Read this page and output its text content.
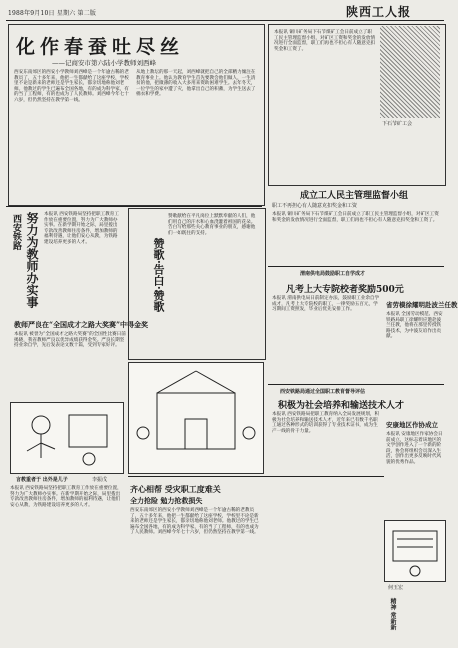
1988年9月10日 星期六 第二版	陕西工人报
化作春蚕吐尽丝
——记商安市第六陆小学教师刘西峰
西安东南郊区的西安小学教师刘西峰是一个年逾古稀的老教员了，五十多年来，他把一生都献给了这座学校，学校里不论是新来的老师还是学生家长，都亲切地称他刘老师。他教过的学生已遍布全国各地，有的成为科学家，有的当了工程师，有的也成为了人民教师。刘西峰今年七十六岁，但仍然坚持在教学第一线。
从地上教坛的那一天起，刘西峰就把自己的全部精力倾注在教育事业上。他认为教育学生首先要教会他们做人，一生清贫的他，把微薄的收入大多用来资助困难学生。去年冬天，一位学生的家中遭了灾，他拿出自己的积蓄，为学生送去了棉衣和学费。
西安铁路 努力为教师办实事	本报讯 西安铁路局坚持把职工教育工作放在重要位置，努力为广大教师办实事。在新学期开始之际，局里拨出专款改善教师住房条件，增加教师的福利待遇，让他们安心从教，为铁路建设培养更多的人才。
教师严良在“全国成才之路大奖赛”中得金奖
本报讯 被誉为“全国成才之路大奖赛”的全国性比赛日前揭晓，我省教师严良以优异成绩获得金奖。严良长期坚持业余自学，先后发表论文数十篇，受到专家好评。
赞歌·告白·赞歌
赞歌献给在平凡岗位上默默奉献的人们，他们用自己的汗水和心血浇灌着祖国的花朵。告白写给那些关心教育事业的朋友，感谢他们一如既往的支持。
言教重者于 出外是儿子	李振戊
齐心相帮 受灾职工度难关
全力抢险 勉力抢救损失
下石节矿工会
本报讯 铜川矿务局下石节煤矿工会日前成立了职工民主管理监督小组，对矿区工资和奖金的发放情况进行全面监督，职工们再也不担心有人随意克扣奖金和工资了。
成立工人民主管理监督小组
职工不再担心有人随意克扣奖金和工资
本报讯 铜川矿务局下石节煤矿工会日前成立了职工民主管理监督小组，对矿区工资和奖金的发放情况进行全面监督，职工们再也不担心有人随意克扣奖金和工资了。
渭南供电局鼓励职工自学成才
凡考上大专院校者奖励500元
本报讯 渭南供电局日前制定办法，鼓励职工业余自学成才，凡考上大专院校的职工，一律奖励五百元，学习期间工资照发，毕业后优先安排工作。
省劳模徐耀明赴波兰任教
本报讯 全国劳动模范、西安铁路局职工徐耀明应邀赴波兰任教，他将在那里传授铁路技术，为中波友谊作出贡献。
西安铁路局通过全国职工教育督导评估
积极为社会培养和输送技术人才
本报讯 西安铁路局把职工教育纳入全局发展规划，积极为社会培养和输送技术人才，近年来已有数千名职工通过各种形式的培训获得了专业技术证书，成为生产一线的骨干力量。
安康地区作协成立
本报讯 安康地区作家协会日前成立，这标志着该地区的文学创作进入了一个新的阶段，协会将组织会员深入生活，创作出更多反映时代风貌的优秀作品。
何玉宏
精神 常新新
本报讯 西安铁路局坚持把职工教育工作放在重要位置，努力为广大教师办实事。在新学期开始之际，局里拨出专款改善教师住房条件，增加教师的福利待遇，让他们安心从教，为铁路建设培养更多的人才。
西安东南郊区的西安小学教师刘西峰是一个年逾古稀的老教员了，五十多年来，他把一生都献给了这座学校，学校里不论是新来的老师还是学生家长，都亲切地称他刘老师。他教过的学生已遍布全国各地，有的成为科学家，有的当了工程师，有的也成为了人民教师。刘西峰今年七十六岁，但仍然坚持在教学第一线。
